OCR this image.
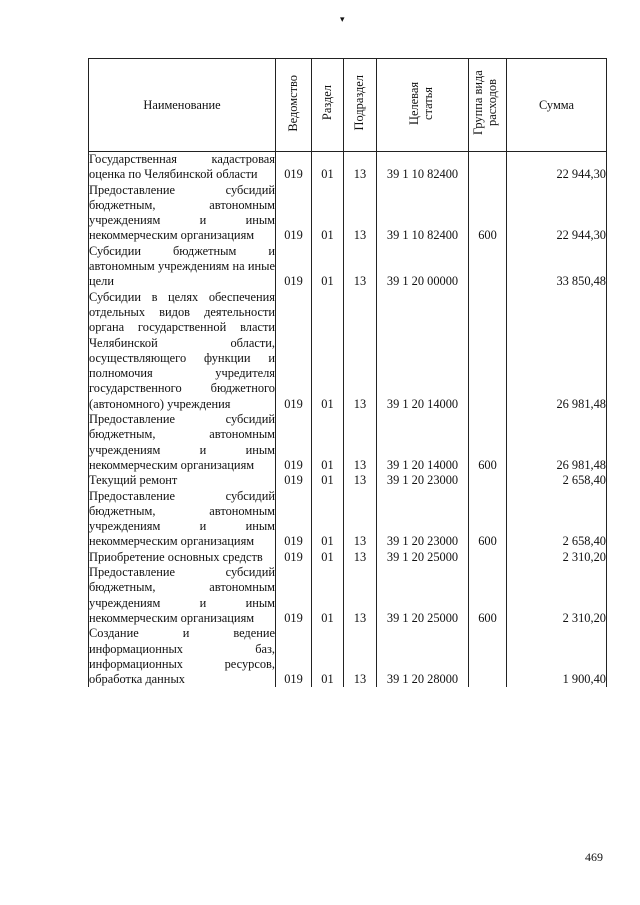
▾
Наименование	Ведомство	Раздел	Подраздел	Целевая статья	Группа вида расходов	Сумма
Государственная кадастровая оценка по Челябинской области	019	01	13	39 1 10 82400		22 944,30
Предоставление субсидий бюджетным, автономным учреждениям и иным некоммерческим организациям	019	01	13	39 1 10 82400	600	22 944,30
Субсидии бюджетным и автономным учреждениям на иные цели	019	01	13	39 1 20 00000		33 850,48
Субсидии в целях обеспечения отдельных видов деятельности органа государственной власти Челябинской области, осуществляющего функции и полномочия учредителя государственного бюджетного (автономного) учреждения	019	01	13	39 1 20 14000		26 981,48
Предоставление субсидий бюджетным, автономным учреждениям и иным некоммерческим организациям	019	01	13	39 1 20 14000	600	26 981,48
Текущий ремонт	019	01	13	39 1 20 23000		2 658,40
Предоставление субсидий бюджетным, автономным учреждениям и иным некоммерческим организациям	019	01	13	39 1 20 23000	600	2 658,40
Приобретение основных средств	019	01	13	39 1 20 25000		2 310,20
Предоставление субсидий бюджетным, автономным учреждениям и иным некоммерческим организациям	019	01	13	39 1 20 25000	600	2 310,20
Создание и ведение информационных баз, информационных ресурсов, обработка данных	019	01	13	39 1 20 28000		1 900,40
469
